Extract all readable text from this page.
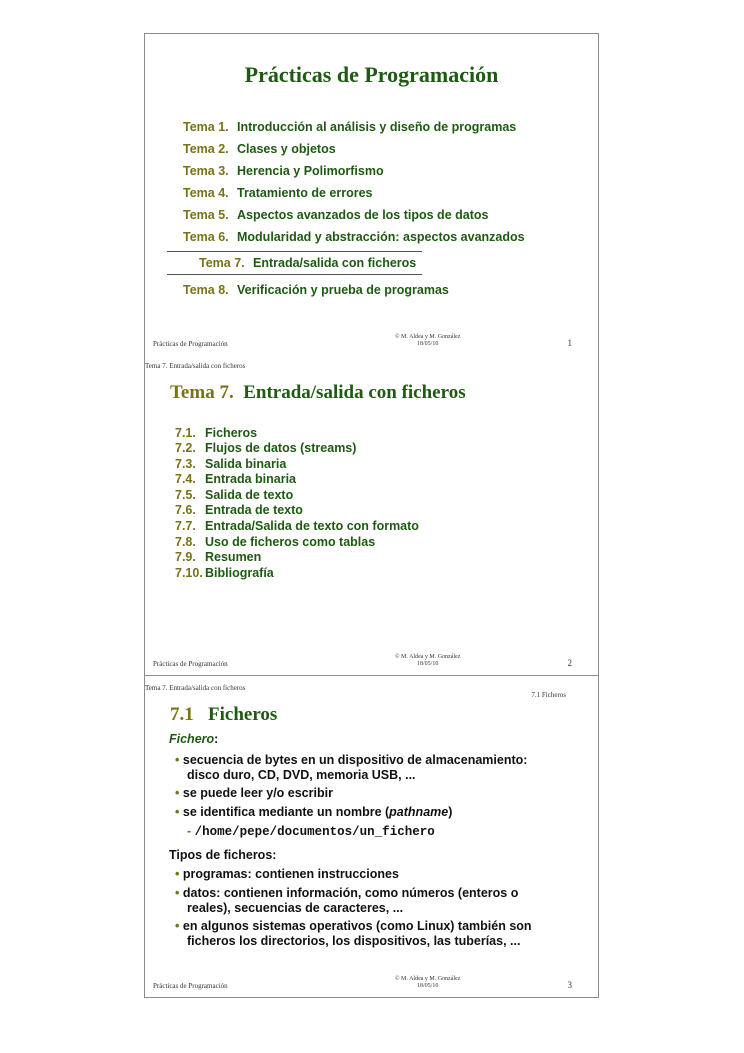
Prácticas de Programación
Tema 1. Introducción al análisis y diseño de programas
Tema 2. Clases y objetos
Tema 3. Herencia y Polimorfismo
Tema 4. Tratamiento de errores
Tema 5. Aspectos avanzados de los tipos de datos
Tema 6. Modularidad y abstracción: aspectos avanzados
Tema 7. Entrada/salida con ficheros
Tema 8. Verificación y prueba de programas
Prácticas de Programación
© M. Aldea y M. González
18/05/10	1
Tema 7. Entrada/salida con ficheros
Tema 7. Entrada/salida con ficheros
7.1. Ficheros
7.2. Flujos de datos (streams)
7.3. Salida binaria
7.4. Entrada binaria
7.5. Salida de texto
7.6. Entrada de texto
7.7. Entrada/Salida de texto con formato
7.8. Uso de ficheros como tablas
7.9. Resumen
7.10. Bibliografía
Prácticas de Programación
© M. Aldea y M. González
18/05/10	2
Tema 7. Entrada/salida con ficheros
7.1 Ficheros
7.1 Ficheros
Fichero:
• secuencia de bytes en un dispositivo de almacenamiento:
disco duro, CD, DVD, memoria USB, ...
• se puede leer y/o escribir
• se identifica mediante un nombre (pathname)
- /home/pepe/documentos/un_fichero
Tipos de ficheros:
• programas: contienen instrucciones
• datos: contienen información, como números (enteros o
reales), secuencias de caracteres, ...
• en algunos sistemas operativos (como Linux) también son
ficheros los directorios, los dispositivos, las tuberías, ...
Prácticas de Programación
© M. Aldea y M. González
18/05/10	3
